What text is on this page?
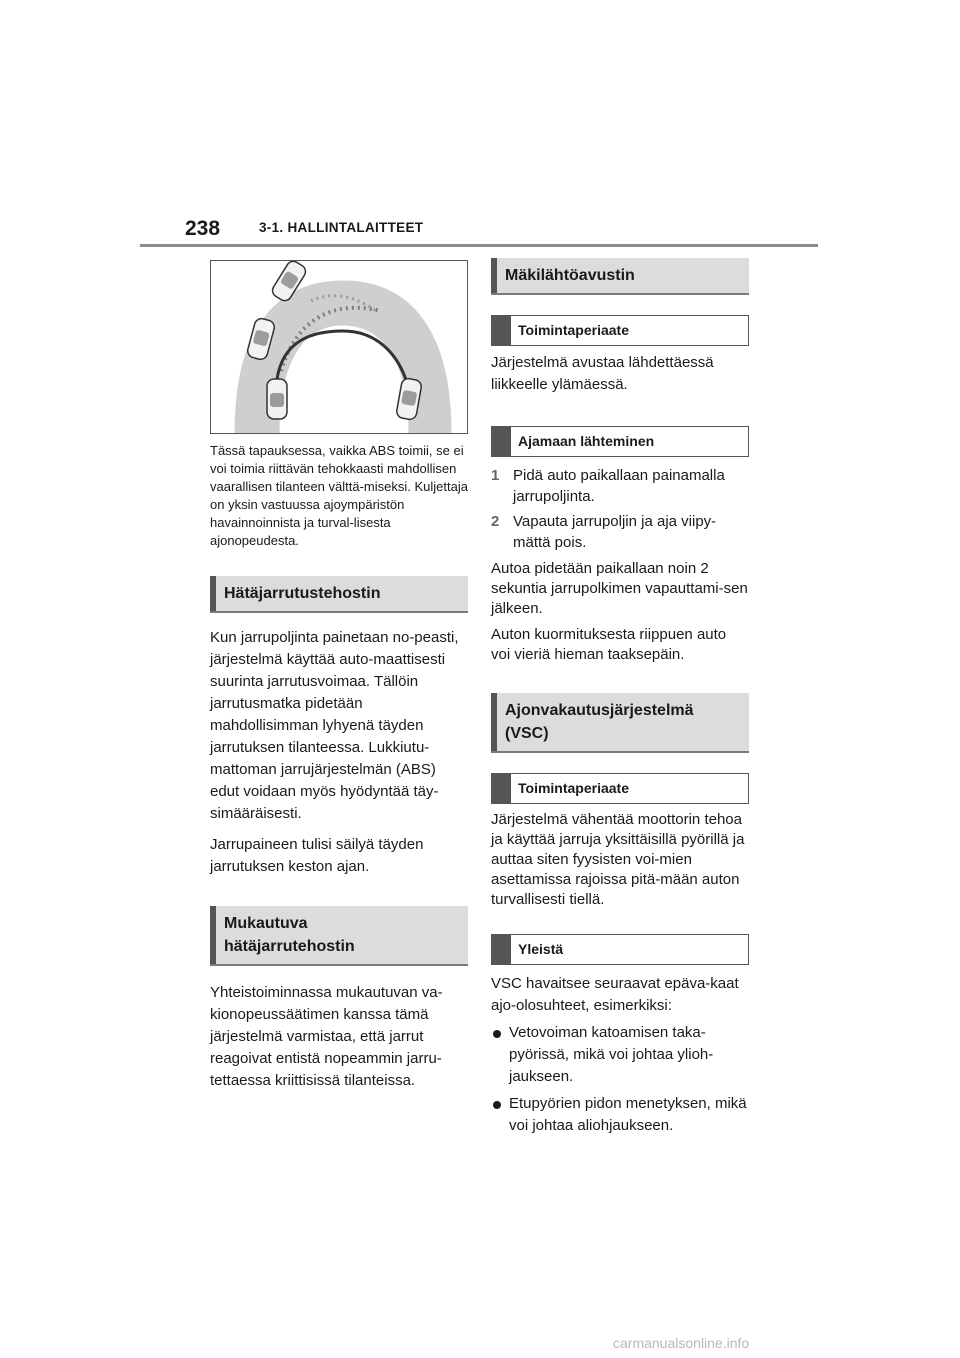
238	3-1. HALLINTALAITTEET
Tässä tapauksessa, vaikka ABS toimii, se ei voi toimia riittävän tehokkaasti mahdollisen vaarallisen tilanteen välttä-miseksi. Kuljettaja on yksin vastuussa ajoympäristön havainnoinnista ja turval-lisesta ajonopeudesta.
Hätäjarrutustehostin

Kun jarrupoljinta painetaan no-peasti, järjestelmä käyttää auto-maattisesti suurinta jarrutusvoimaa. Tällöin jarrutusmatka pidetään mahdollisimman lyhyenä täyden jarrutuksen tilanteessa. Lukkiutu-mattoman jarrujärjestelmän (ABS) edut voidaan myös hyödyntää täy-simääräisesti.

Jarrupaineen tulisi säilyä täyden jarrutuksen keston ajan.

Mukautuva
hätäjarrutehostin

Yhteistoiminnassa mukautuvan va-kionopeussäätimen kanssa tämä järjestelmä varmistaa, että jarrut reagoivat entistä nopeammin jarru-tettaessa kriittisissä tilanteissa.

Mäkilähtöavustin
Toimintaperiaate

Järjestelmä avustaa lähdettäessä liikkeelle ylämäessä.

Ajamaan lähteminen
1 Pidä auto paikallaan painamalla jarrupoljinta.
2 Vapauta jarrupoljin ja aja viipy-mättä pois.

Autoa pidetään paikallaan noin 2 sekuntia jarrupolkimen vapauttami-sen jälkeen.

Auton kuormituksesta riippuen auto voi vieriä hieman taaksepäin.

Ajonvakautusjärjestelmä
(VSC)
Toimintaperiaate

Järjestelmä vähentää moottorin tehoa ja käyttää jarruja yksittäisillä pyörillä ja auttaa siten fyysisten voi-mien asettamissa rajoissa pitä-mään auton turvallisesti tiellä.

Yleistä

VSC havaitsee seuraavat epäva-kaat ajo-olosuhteet, esimerkiksi:

Vetovoiman katoamisen taka-pyörissä, mikä voi johtaa ylioh-jaukseen.
Etupyörien pidon menetyksen, mikä voi johtaa aliohjaukseen.
carmanualsonline.info
